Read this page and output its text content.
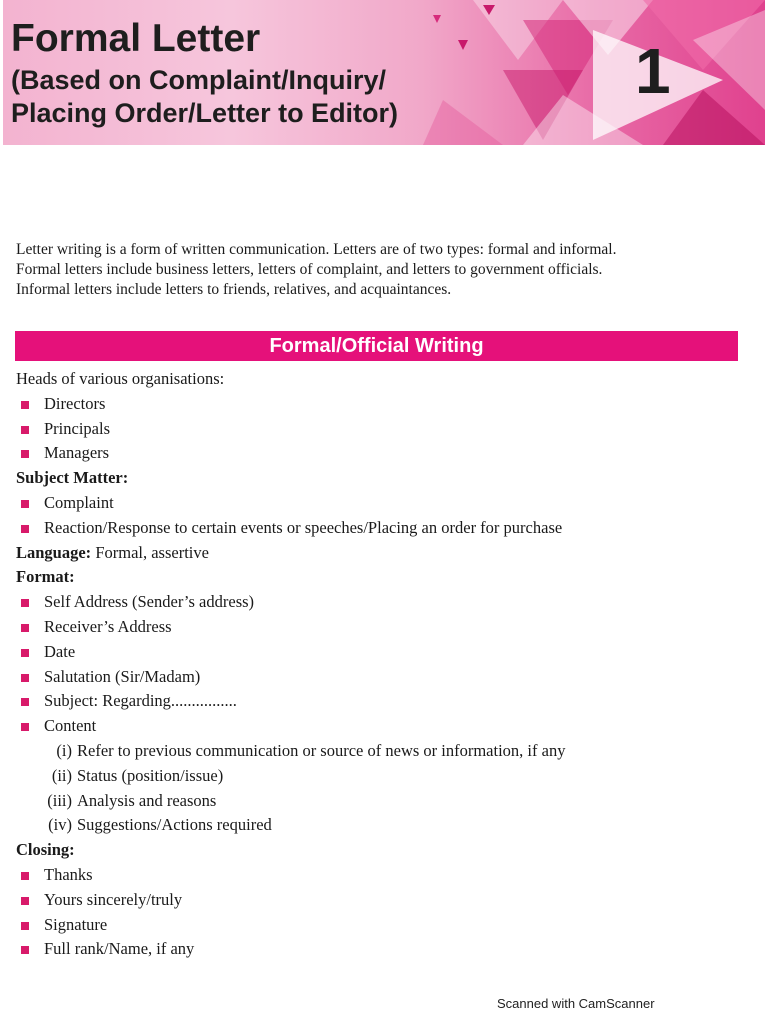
Formal Letter
(Based on Complaint/Inquiry/
Placing Order/Letter to Editor)
1
Letter writing is a form of written communication. Letters are of two types: formal and informal.
Formal letters include business letters, letters of complaint, and letters to government officials.
Informal letters include letters to friends, relatives, and acquaintances.
Formal/Official Writing
Heads of various organisations:
Directors
Principals
Managers
Subject Matter:
Complaint
Reaction/Response to certain events or speeches/Placing an order for purchase
Language: Formal, assertive
Format:
Self Address (Sender’s address)
Receiver’s Address
Date
Salutation (Sir/Madam)
Subject: Regarding................
Content
(i) Refer to previous communication or source of news or information, if any
(ii) Status (position/issue)
(iii) Analysis and reasons
(iv) Suggestions/Actions required
Closing:
Thanks
Yours sincerely/truly
Signature
Full rank/Name, if any
Scanned with CamScanner
